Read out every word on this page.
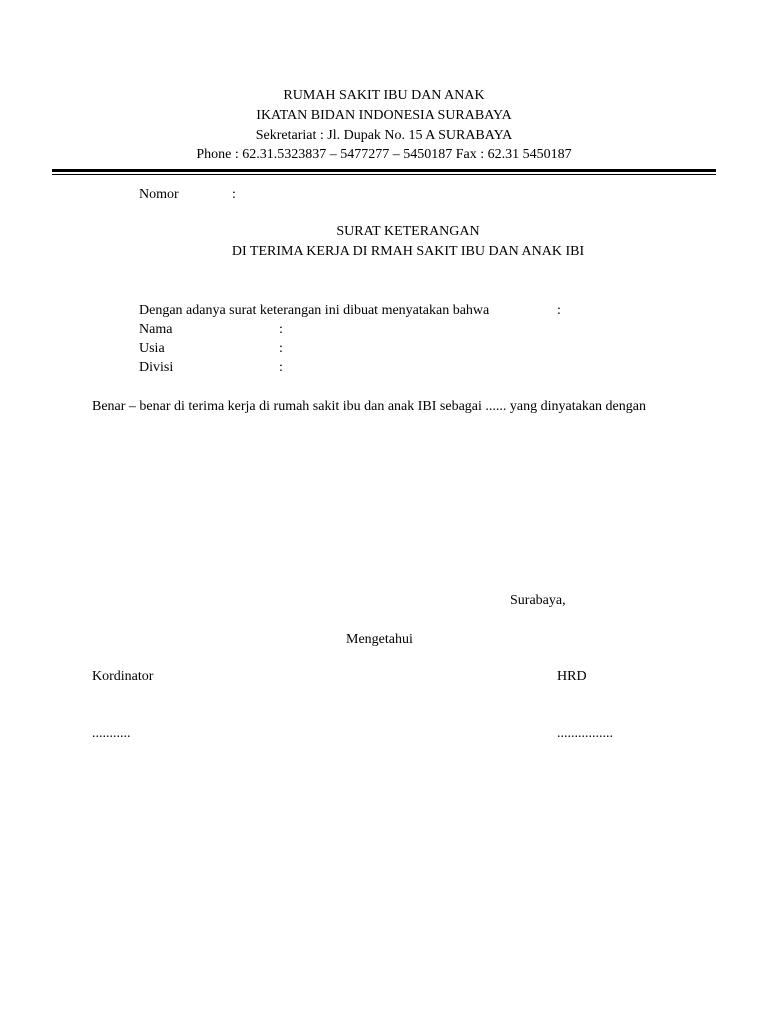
RUMAH SAKIT IBU DAN ANAK
IKATAN BIDAN INDONESIA SURABAYA
Sekretariat : Jl. Dupak No. 15 A SURABAYA
Phone : 62.31.5323837 – 5477277 – 5450187 Fax : 62.31 5450187
Nomor	:
SURAT KETERANGAN
DI TERIMA KERJA DI RMAH SAKIT IBU DAN ANAK IBI
Dengan adanya surat keterangan ini dibuat menyatakan bahwa	:
Nama	:
Usia	:
Divisi	:
Benar – benar di terima kerja di rumah sakit ibu dan anak IBI sebagai ...... yang dinyatakan dengan
Surabaya,
Mengetahui
Kordinator	HRD
...........	................
